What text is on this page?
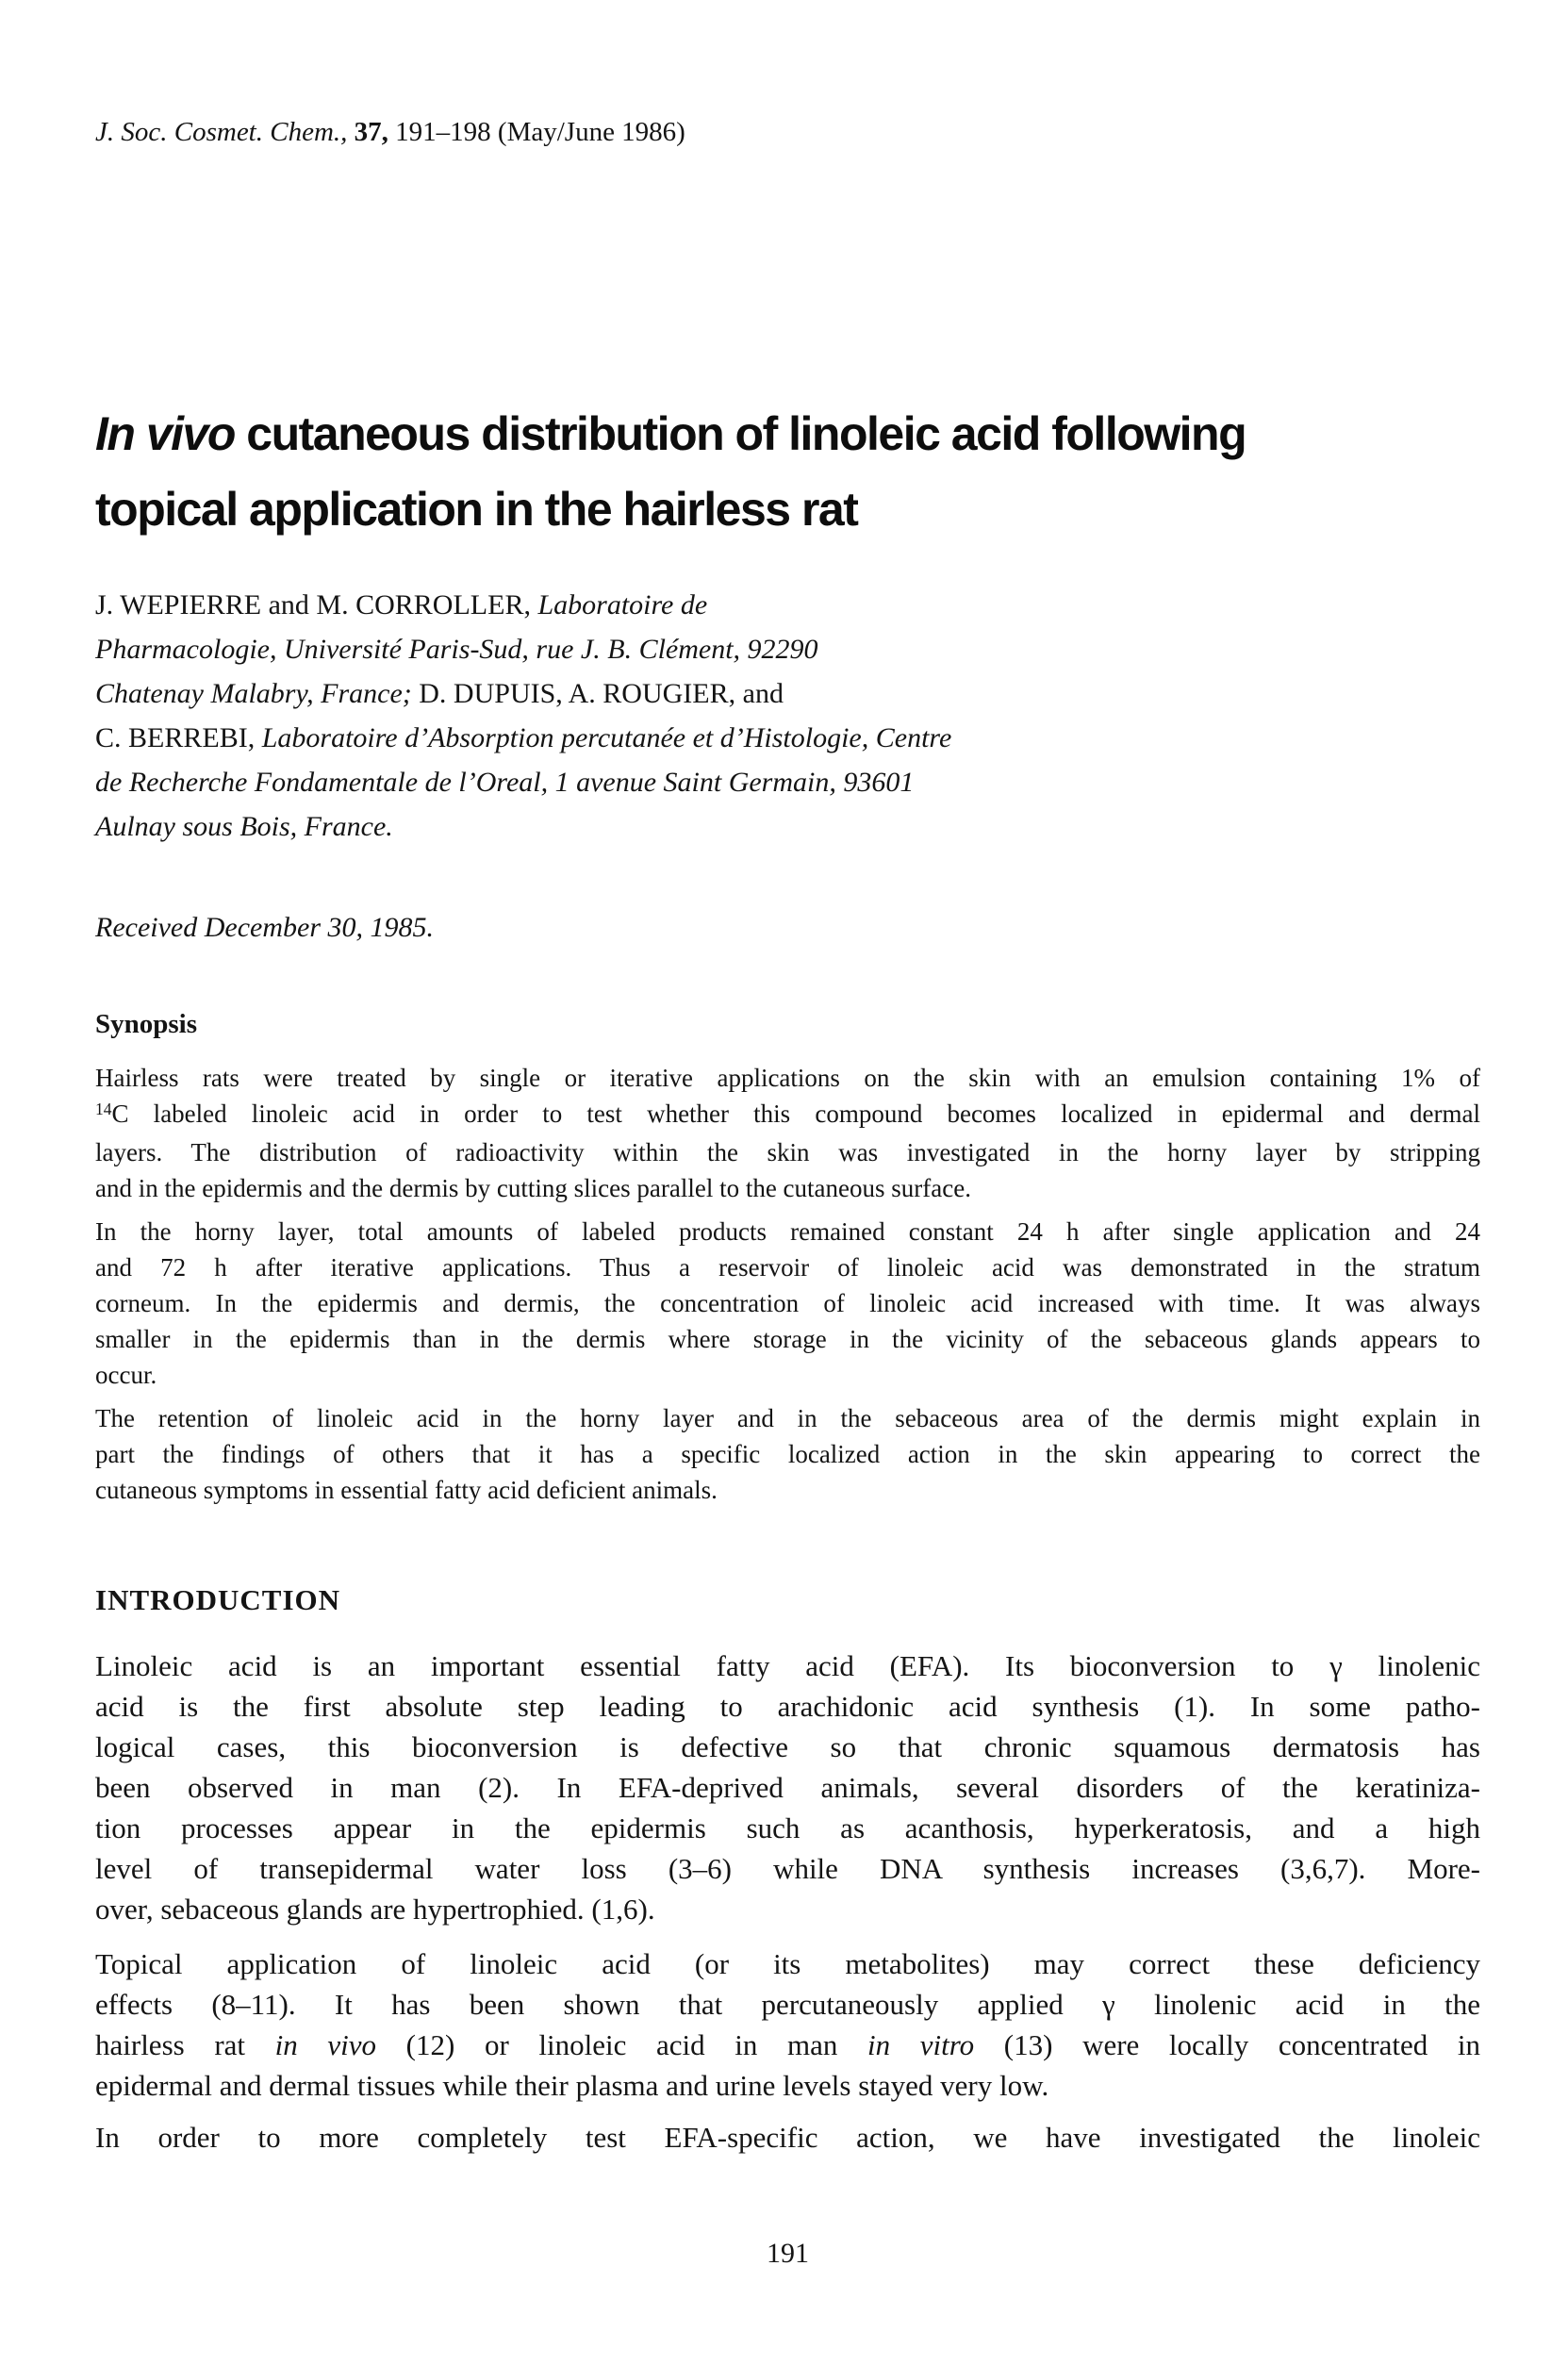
J. Soc. Cosmet. Chem., 37, 191–198 (May/June 1986)
In vivo cutaneous distribution of linoleic acid following
topical application in the hairless rat
J. WEPIERRE and M. CORROLLER, Laboratoire de
Pharmacologie, Université Paris-Sud, rue J. B. Clément, 92290
Chatenay Malabry, France; D. DUPUIS, A. ROUGIER, and
C. BERREBI, Laboratoire d’Absorption percutanée et d’Histologie, Centre
de Recherche Fondamentale de l’Oreal, 1 avenue Saint Germain, 93601
Aulnay sous Bois, France.
Received December 30, 1985.
Synopsis
Hairless rats were treated by single or iterative applications on the skin with an emulsion containing 1% of
$^{14}$C labeled linoleic acid in order to test whether this compound becomes localized in epidermal and dermal
layers. The distribution of radioactivity within the skin was investigated in the horny layer by stripping
and in the epidermis and the dermis by cutting slices parallel to the cutaneous surface.
In the horny layer, total amounts of labeled products remained constant 24 h after single application and 24
and 72 h after iterative applications. Thus a reservoir of linoleic acid was demonstrated in the stratum
corneum. In the epidermis and dermis, the concentration of linoleic acid increased with time. It was always
smaller in the epidermis than in the dermis where storage in the vicinity of the sebaceous glands appears to
occur.
The retention of linoleic acid in the horny layer and in the sebaceous area of the dermis might explain in
part the findings of others that it has a specific localized action in the skin appearing to correct the
cutaneous symptoms in essential fatty acid deficient animals.
INTRODUCTION
Linoleic acid is an important essential fatty acid (EFA). Its bioconversion to γ linolenic
acid is the first absolute step leading to arachidonic acid synthesis (1). In some patho-
logical cases, this bioconversion is defective so that chronic squamous dermatosis has
been observed in man (2). In EFA-deprived animals, several disorders of the keratiniza-
tion processes appear in the epidermis such as acanthosis, hyperkeratosis, and a high
level of transepidermal water loss (3–6) while DNA synthesis increases (3,6,7). More-
over, sebaceous glands are hypertrophied. (1,6).
Topical application of linoleic acid (or its metabolites) may correct these deficiency
effects (8–11). It has been shown that percutaneously applied γ linolenic acid in the
hairless rat in vivo (12) or linoleic acid in man in vitro (13) were locally concentrated in
epidermal and dermal tissues while their plasma and urine levels stayed very low.
In order to more completely test EFA-specific action, we have investigated the linoleic
191
